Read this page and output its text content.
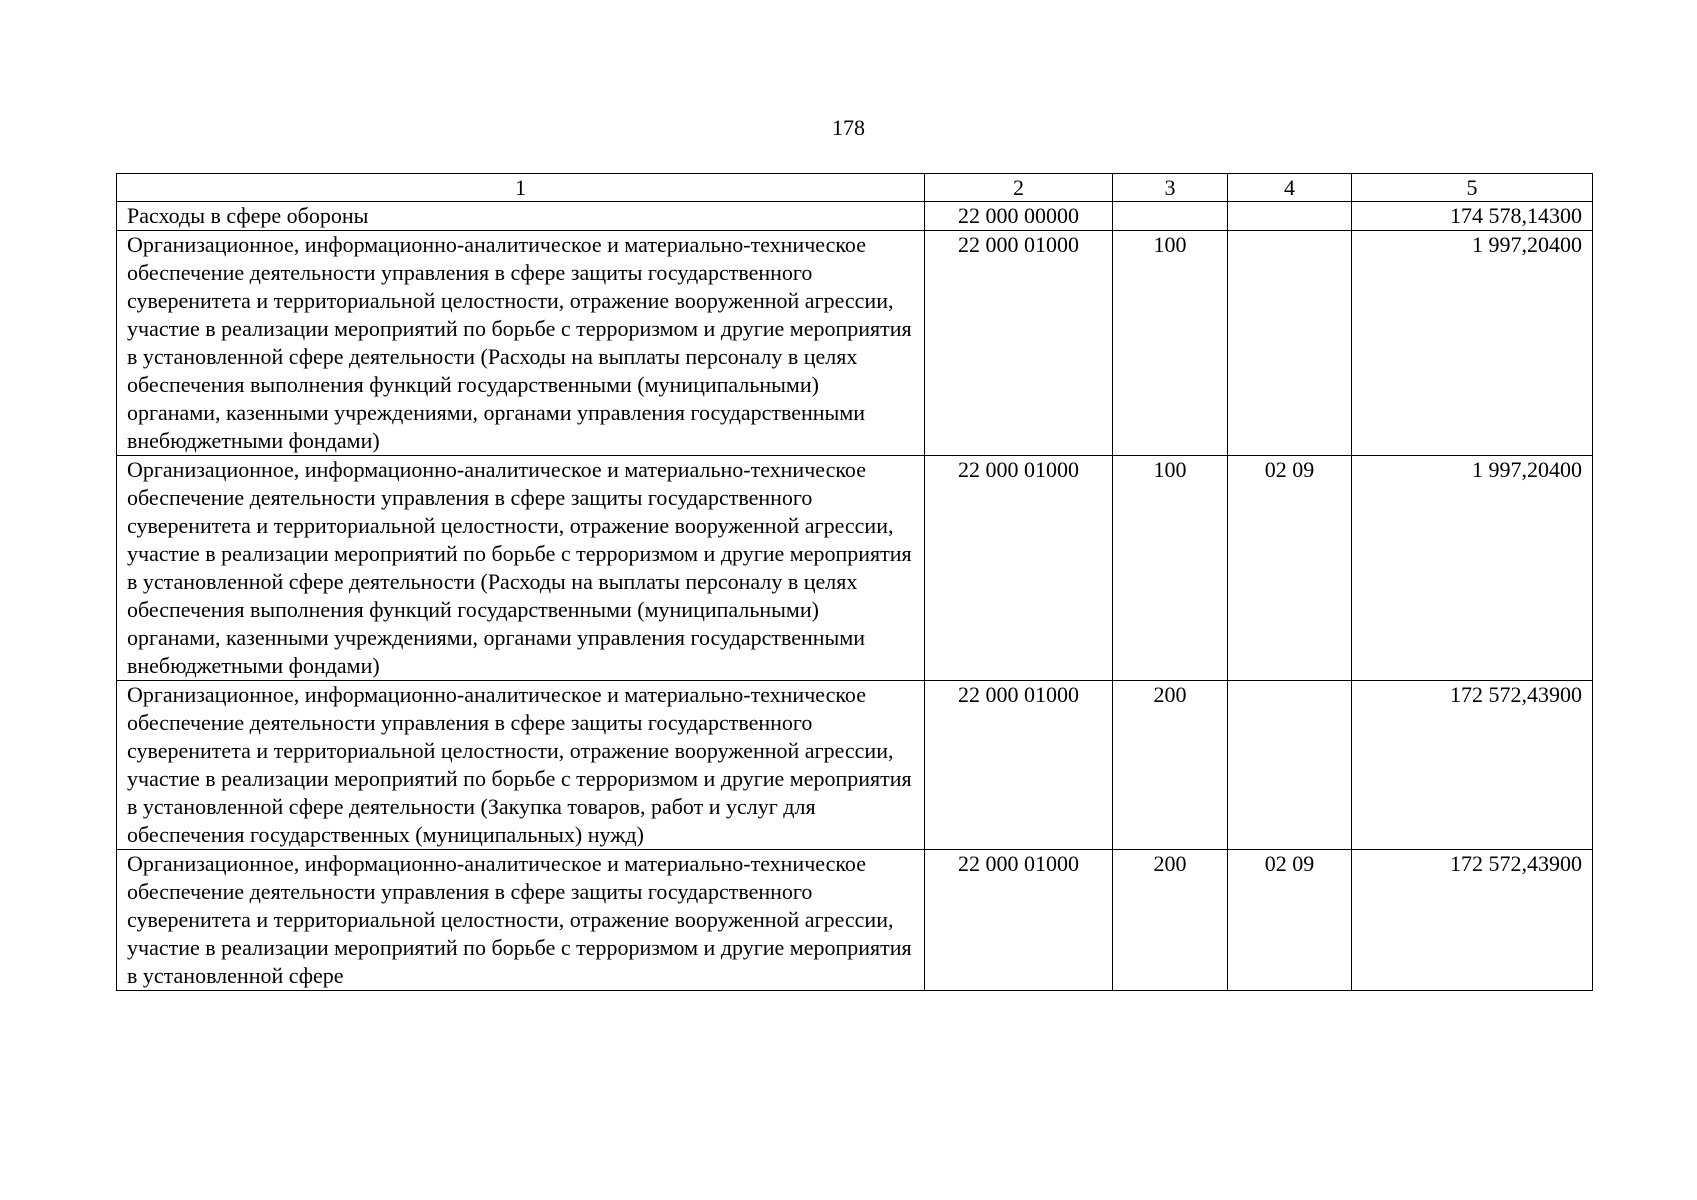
178
1	2	3	4	5
Расходы в сфере обороны	22 000 00000			174 578,14300
Организационное, информационно-аналитическое и материально-техническое обеспечение деятельности управления в сфере защиты государственного суверенитета и территориальной целостности, отражение вооруженной агрессии, участие в реализации мероприятий по борьбе с терроризмом и другие мероприятия в установленной сфере деятельности (Расходы на выплаты персоналу в целях обеспечения выполнения функций государственными (муниципальными) органами, казенными учреждениями, органами управления государственными внебюджетными фондами)	22 000 01000	100		1 997,20400
Организационное, информационно-аналитическое и материально-техническое обеспечение деятельности управления в сфере защиты государственного суверенитета и территориальной целостности, отражение вооруженной агрессии, участие в реализации мероприятий по борьбе с терроризмом и другие мероприятия в установленной сфере деятельности (Расходы на выплаты персоналу в целях обеспечения выполнения функций государственными (муниципальными) органами, казенными учреждениями, органами управления государственными внебюджетными фондами)	22 000 01000	100	02 09	1 997,20400
Организационное, информационно-аналитическое и материально-техническое обеспечение деятельности управления в сфере защиты государственного суверенитета и территориальной целостности, отражение вооруженной агрессии, участие в реализации мероприятий по борьбе с терроризмом и другие мероприятия в установленной сфере деятельности (Закупка товаров, работ и услуг для обеспечения государственных (муниципальных) нужд)	22 000 01000	200		172 572,43900

Организационное, информационно-аналитическое и материально-техническое обеспечение деятельности управления в сфере защиты государственного суверенитета и территориальной целостности, отражение вооруженной агрессии, участие в реализации мероприятий по борьбе с терроризмом и другие мероприятия в установленной сфере	22 000 01000	200	02 09	172 572,43900
